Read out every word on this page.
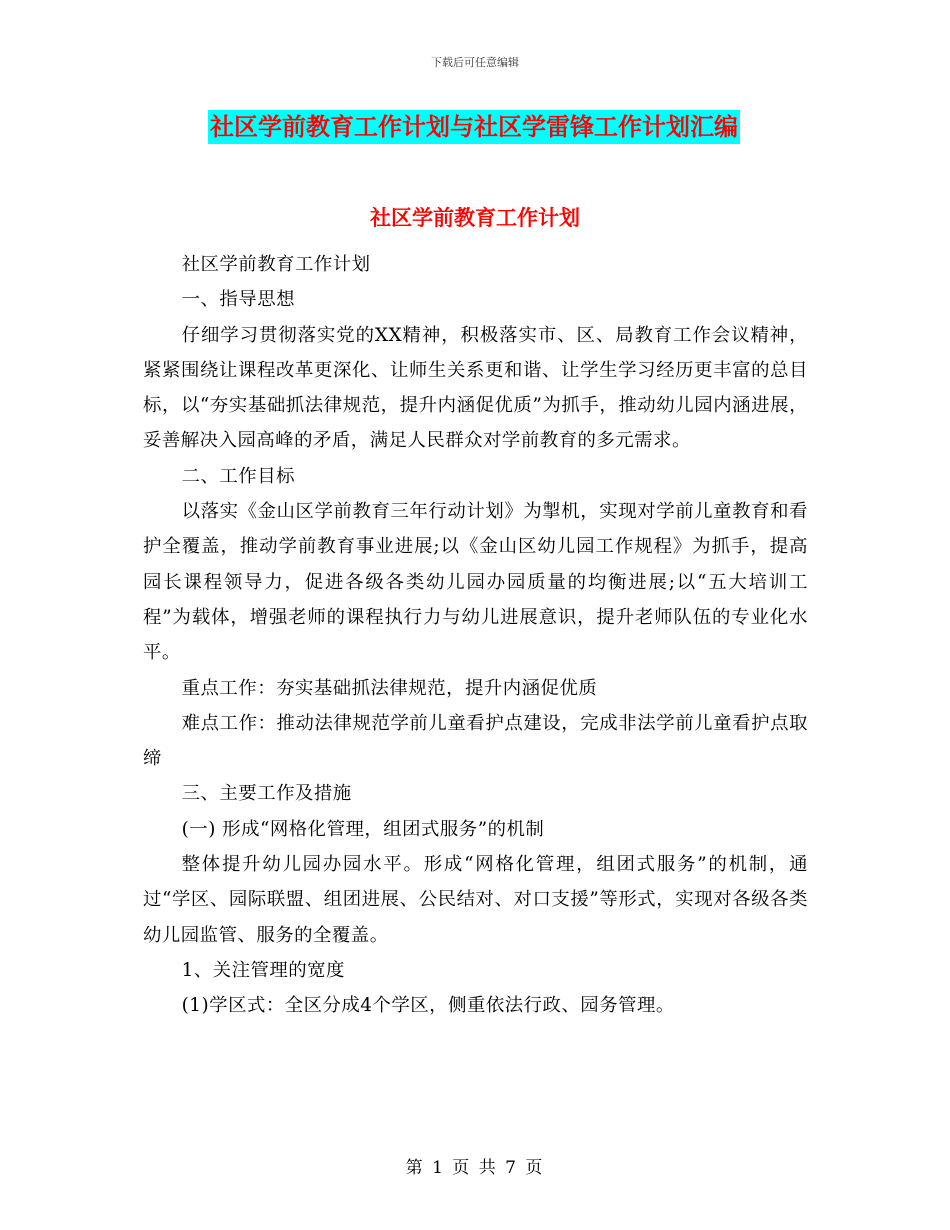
下载后可任意编辑
社区学前教育工作计划与社区学雷锋工作计划汇编
社区学前教育工作计划

社区学前教育工作计划

一、指导思想

仔细学习贯彻落实党的XX精神，积极落实市、区、局教育工作会议精神，紧紧围绕让课程改革更深化、让师生关系更和谐、让学生学习经历更丰富的总目标，以“夯实基础抓法律规范，提升内涵促优质”为抓手，推动幼儿园内涵进展，妥善解决入园高峰的矛盾，满足人民群众对学前教育的多元需求。

二、工作目标

以落实《金山区学前教育三年行动计划》为掣机，实现对学前儿童教育和看护全覆盖，推动学前教育事业进展;以《金山区幼儿园工作规程》为抓手，提高园长课程领导力，促进各级各类幼儿园办园质量的均衡进展;以“五大培训工程”为载体，增强老师的课程执行力与幼儿进展意识，提升老师队伍的专业化水平。

重点工作：夯实基础抓法律规范，提升内涵促优质

难点工作：推动法律规范学前儿童看护点建设，完成非法学前儿童看护点取缔

三、主要工作及措施

(一) 形成“网格化管理，组团式服务”的机制

整体提升幼儿园办园水平。形成“网格化管理，组团式服务”的机制，通过“学区、园际联盟、组团进展、公民结对、对口支援”等形式，实现对各级各类幼儿园监管、服务的全覆盖。

1、关注管理的宽度

(1)学区式：全区分成4个学区，侧重依法行政、园务管理。

第 1 页 共 7 页
